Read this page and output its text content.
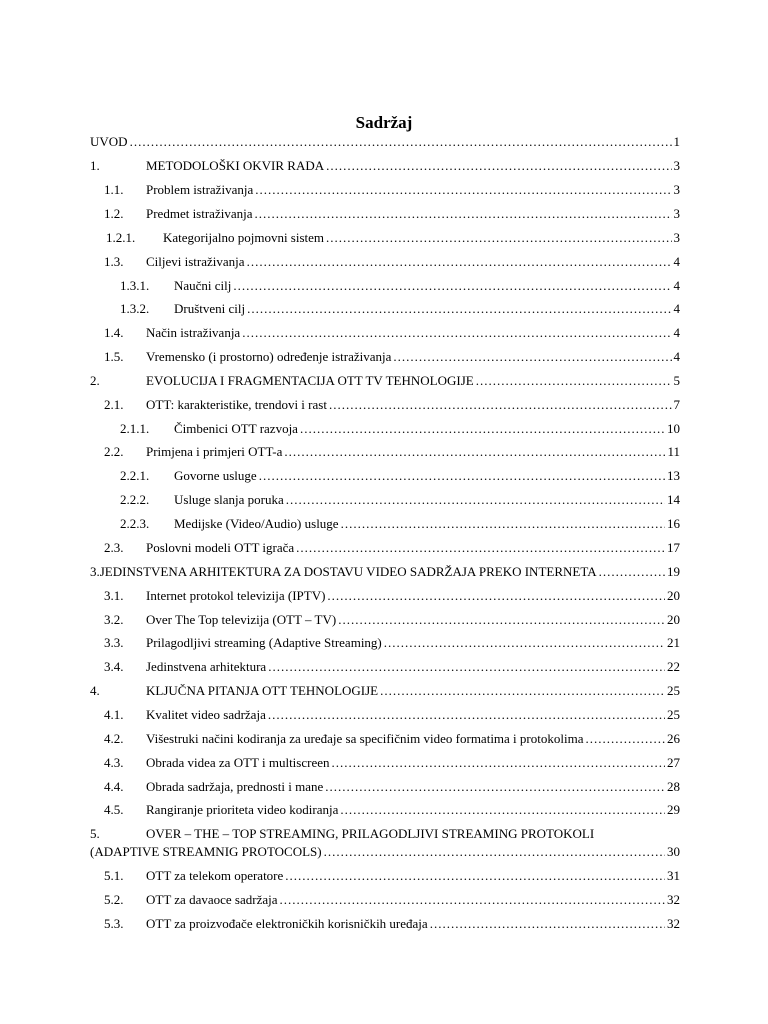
Sadržaj
UVOD .....	1
1.	METODOLOŠKI OKVIR RADA .....	3
1.1.	Problem istraživanja .....	3
1.2.	Predmet istraživanja .....	3
1.2.1.	Kategorijalno pojmovni sistem .....	3
1.3.	Ciljevi istraživanja .....	4
1.3.1.	Naučni cilj .....	4
1.3.2.	Društveni cilj .....	4
1.4.	Način istraživanja .....	4
1.5.	Vremensko (i prostorno) određenje istraživanja .....	4
2.	EVOLUCIJA I FRAGMENTACIJA OTT TV TEHNOLOGIJE .....	5
2.1.	OTT: karakteristike, trendovi i rast .....	7
2.1.1.	Čimbenici OTT razvoja .....	10
2.2.	Primjena i primjeri OTT-a .....	11
2.2.1.	Govorne usluge .....	13
2.2.2.	Usluge slanja poruka .....	14
2.2.3.	Medijske (Video/Audio) usluge .....	16
2.3.	Poslovni modeli OTT igrača .....	17
3.JEDINSTVENA ARHITEKTURA ZA DOSTAVU VIDEO SADRŽAJA PREKO INTERNETA .....	19
3.1.	Internet protokol televizija (IPTV) .....	20
3.2.	Over The Top televizija (OTT – TV) .....	20
3.3.	Prilagodljivi streaming (Adaptive Streaming) .....	21
3.4.	Jedinstvena arhitektura .....	22
4.	KLJUČNA PITANJA OTT TEHNOLOGIJE .....	25
4.1.	Kvalitet video sadržaja .....	25
4.2.	Višestruki načini kodiranja za uređaje sa specifičnim video formatima i protokolima .....	26
4.3.	Obrada videa za OTT i multiscreen .....	27
4.4.	Obrada sadržaja, prednosti i mane .....	28
4.5.	Rangiranje prioriteta video kodiranja .....	29
5.	OVER – THE – TOP STREAMING, PRILAGODLJIVI STREAMING PROTOKOLI
(ADAPTIVE STREAMNIG PROTOCOLS) .....	30
5.1.	OTT za telekom operatore .....	31
5.2.	OTT za davaoce sadržaja .....	32
5.3.	OTT za proizvođače elektroničkih korisničkih uređaja .....	32
